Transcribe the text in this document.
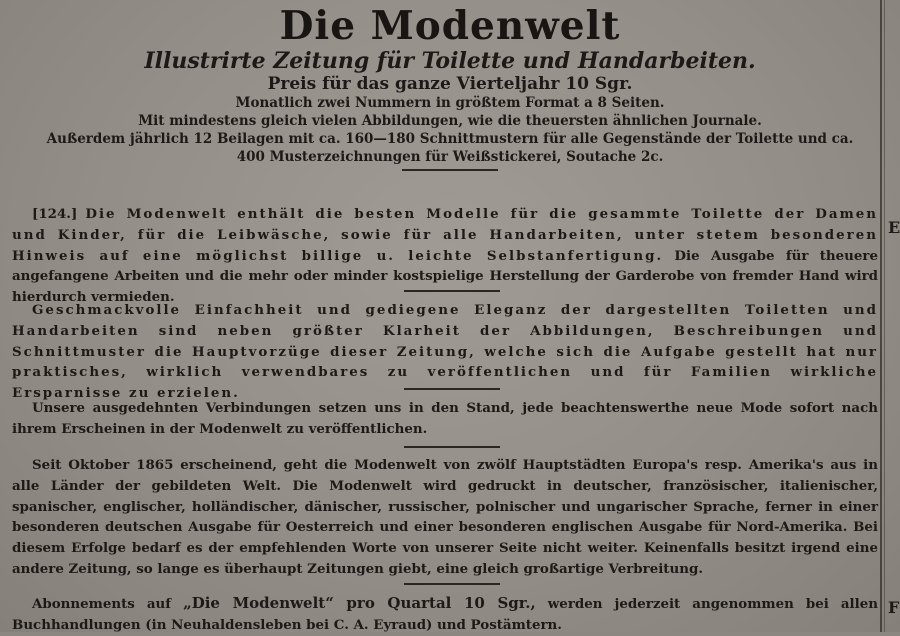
E
F
Die Modenwelt
Illustrirte Zeitung für Toilette und Handarbeiten.
Preis für das ganze Vierteljahr 10 Sgr.
Monatlich zwei Nummern in größtem Format a 8 Seiten.
Mit mindestens gleich vielen Abbildungen, wie die theuersten ähnlichen Journale.
Außerdem jährlich 12 Beilagen mit ca. 160—180 Schnittmustern für alle Gegenstände der Toilette und ca.
400 Musterzeichnungen für Weißstickerei, Soutache 2c.
[124.] Die Modenwelt enthält die besten Modelle für die gesammte Toilette der Damen und Kinder, für die Leibwäsche, sowie für alle Handarbeiten, unter stetem besonderen Hinweis auf eine möglichst billige u. leichte Selbstanfertigung. Die Ausgabe für theuere angefangene Arbeiten und die mehr oder minder kostspielige Herstellung der Garderobe von fremder Hand wird hierdurch vermieden.
Geschmackvolle Einfachheit und gediegene Eleganz der dargestellten Toiletten und Handarbeiten sind neben größter Klarheit der Abbildungen, Beschreibungen und Schnittmuster die Hauptvorzüge dieser Zeitung, welche sich die Aufgabe gestellt hat nur praktisches, wirklich verwendbares zu veröffentlichen und für Familien wirkliche Ersparnisse zu erzielen.
Unsere ausgedehnten Verbindungen setzen uns in den Stand, jede beachtenswerthe neue Mode sofort nach ihrem Erscheinen in der Modenwelt zu veröffentlichen.
Seit Oktober 1865 erscheinend, geht die Modenwelt von zwölf Hauptstädten Europa's resp. Amerika's aus in alle Länder der gebildeten Welt. Die Modenwelt wird gedruckt in deutscher, französischer, italienischer, spanischer, englischer, holländischer, dänischer, russischer, polnischer und ungarischer Sprache, ferner in einer besonderen deutschen Ausgabe für Oesterreich und einer besonderen englischen Ausgabe für Nord-Amerika. Bei diesem Erfolge bedarf es der empfehlenden Worte von unserer Seite nicht weiter. Keinenfalls besitzt irgend eine andere Zeitung, so lange es überhaupt Zeitungen giebt, eine gleich großartige Verbreitung.
Abonnements auf „Die Modenwelt“ pro Quartal 10 Sgr., werden jederzeit angenommen bei allen Buchhandlungen (in Neuhaldensleben bei C. A. Eyraud) und Postämtern.
